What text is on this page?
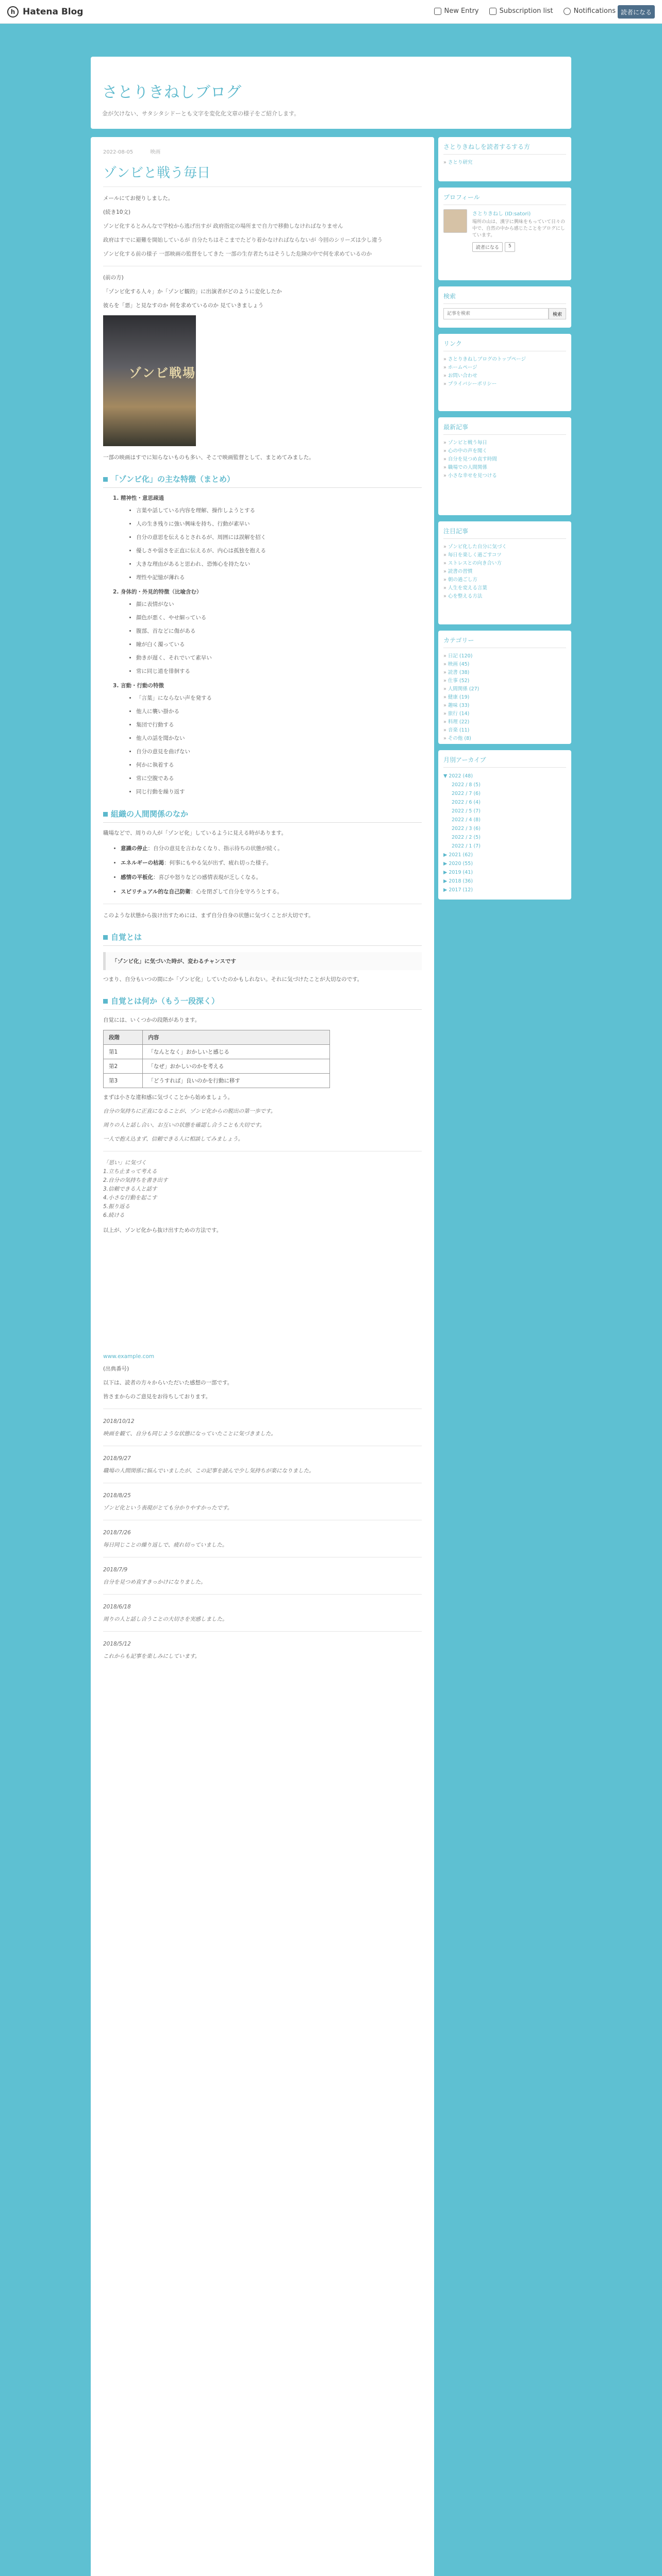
h Hatena Blog	New Entry	Subscription list	Notifications 読者になる
さとりきねしブログ
金が欠けない、サタシタシドーとも文字を変化化文章の様子をご紹介します。
2022-08-05	映画
ゾンビと戦う毎日
メールにてお便りしました。
(続き10文)
ゾンビ化するとみんなで学校から逃げ出すが 政府指定の場所まで自力で移動しなければなりません
政府はすでに避難を開始しているが 自分たちはそこまでたどり着かなければならないが 今回のシリーズは少し違う
ゾンビ化する前の様子 一部映画の監督をしてきた 一部の生存者たちはそうした危険の中で何を求めているのか
(前の方)
「ゾンビ化する人々」か「ゾンビ観的」に出演者がどのように変化したか
彼らを「悪」と見なすのか 何を求めているのか 見ていきましょう
ゾンビ戦場
一部の映画はすでに知らないものも多い、そこで映画監督として、まとめてみました。
「ゾンビ化」の主な特徴（まとめ）
1. 精神性・意思疎通
• 言葉や話している内容を理解、操作しようとする
• 人の生き残りに強い興味を持ち、行動が素早い
• 自分の意思を伝えるとされるが、周囲には誤解を招く
• 優しさや弱さを正直に伝えるが、内心は孤独を抱える
• 大きな理由があると思われ、恐怖心を持たない
• 理性や記憶が薄れる
2. 身体的・外見的特徴（比喩含む）
• 顔に表情がない
• 顔色が悪く、やせ細っている
• 腹部、首などに傷がある
• 瞳が白く濁っている
• 動きが遅く、それでいて素早い
• 常に同じ道を徘徊する
3. 言動・行動の特徴
• 「言葉」にならない声を発する
• 他人に襲い掛かる
• 集団で行動する
• 他人の話を聞かない
• 自分の意見を曲げない
• 何かに執着する
• 常に空腹である
• 同じ行動を繰り返す
組織の人間関係のなか
職場などで、周りの人が「ゾンビ化」しているように見える時があります。
• 意識の停止：自分の意見を言わなくなり、指示待ちの状態が続く。
• エネルギーの枯渇：何事にもやる気が出ず、疲れ切った様子。
• 感情の平板化：喜びや怒りなどの感情表現が乏しくなる。
• スピリチュアル的な自己防衛：心を閉ざして自分を守ろうとする。
このような状態から抜け出すためには、まず自分自身の状態に気づくことが大切です。
自覚とは
「ゾンビ化」に気づいた時が、変わるチャンスです
つまり、自分もいつの間にか「ゾンビ化」していたのかもしれない。それに気づけたことが大切なのです。
自覚とは何か（もう一段深く）
自覚には、いくつかの段階があります。
段階	内容
第1	「なんとなく」おかしいと感じる
第2	「なぜ」おかしいのかを考える
第3	「どうすれば」良いのかを行動に移す
まずは小さな違和感に気づくことから始めましょう。
自分の気持ちに正直になることが、ゾンビ化からの脱出の第一歩です。
周りの人と話し合い、お互いの状態を確認し合うことも大切です。
一人で抱え込まず、信頼できる人に相談してみましょう。
「思い」に気づく
1.立ち止まって考える
2.自分の気持ちを書き出す
3.信頼できる人と話す
4.小さな行動を起こす
5.振り返る
6.続ける
以上が、ゾンビ化から抜け出すための方法です。
www.example.com
(出典番号)
以下は、読者の方々からいただいた感想の一部です。
皆さまからのご意見をお待ちしております。
2018/10/12
映画を観て、自分も同じような状態になっていたことに気づきました。
2018/9/27
職場の人間関係に悩んでいましたが、この記事を読んで少し気持ちが楽になりました。
2018/8/25
ゾンビ化という表現がとても分かりやすかったです。
2018/7/26
毎日同じことの繰り返しで、疲れ切っていました。
2018/7/9
自分を見つめ直すきっかけになりました。
2018/6/18
周りの人と話し合うことの大切さを実感しました。
2018/5/12
これからも記事を楽しみにしています。
さとりきねしを読者するする方
» さとり研究
プロフィール
さとりきねし (ID:satori)
場所の山は、漢字に興味をもっていて日々の中で、自然の中から感じたことをブログにしています。
読者になる	5
検索
記事を検索
検索
リンク
» さとりきねしブログのトップページ
» ホームページ
» お問い合わせ
» プライバシーポリシー
最新記事
» ゾンビと戦う毎日
» 心の中の声を聞く
» 自分を見つめ直す時間
» 職場での人間関係
» 小さな幸せを見つける
注目記事
» ゾンビ化した自分に気づく
» 毎日を楽しく過ごすコツ
» ストレスとの向き合い方
» 読書の習慣
» 朝の過ごし方
» 人生を変える言葉
» 心を整える方法
カテゴリー
» 日記 (120)
» 映画 (45)
» 読書 (38)
» 仕事 (52)
» 人間関係 (27)
» 健康 (19)
» 趣味 (33)
» 旅行 (14)
» 料理 (22)
» 音楽 (11)
» その他 (8)
月別アーカイブ
▼ 2022 (48)
2022 / 8 (5)
2022 / 7 (6)
2022 / 6 (4)
2022 / 5 (7)
2022 / 4 (8)
2022 / 3 (6)
2022 / 2 (5)
2022 / 1 (7)
▶ 2021 (62)
▶ 2020 (55)
▶ 2019 (41)
▶ 2018 (36)
▶ 2017 (12)
